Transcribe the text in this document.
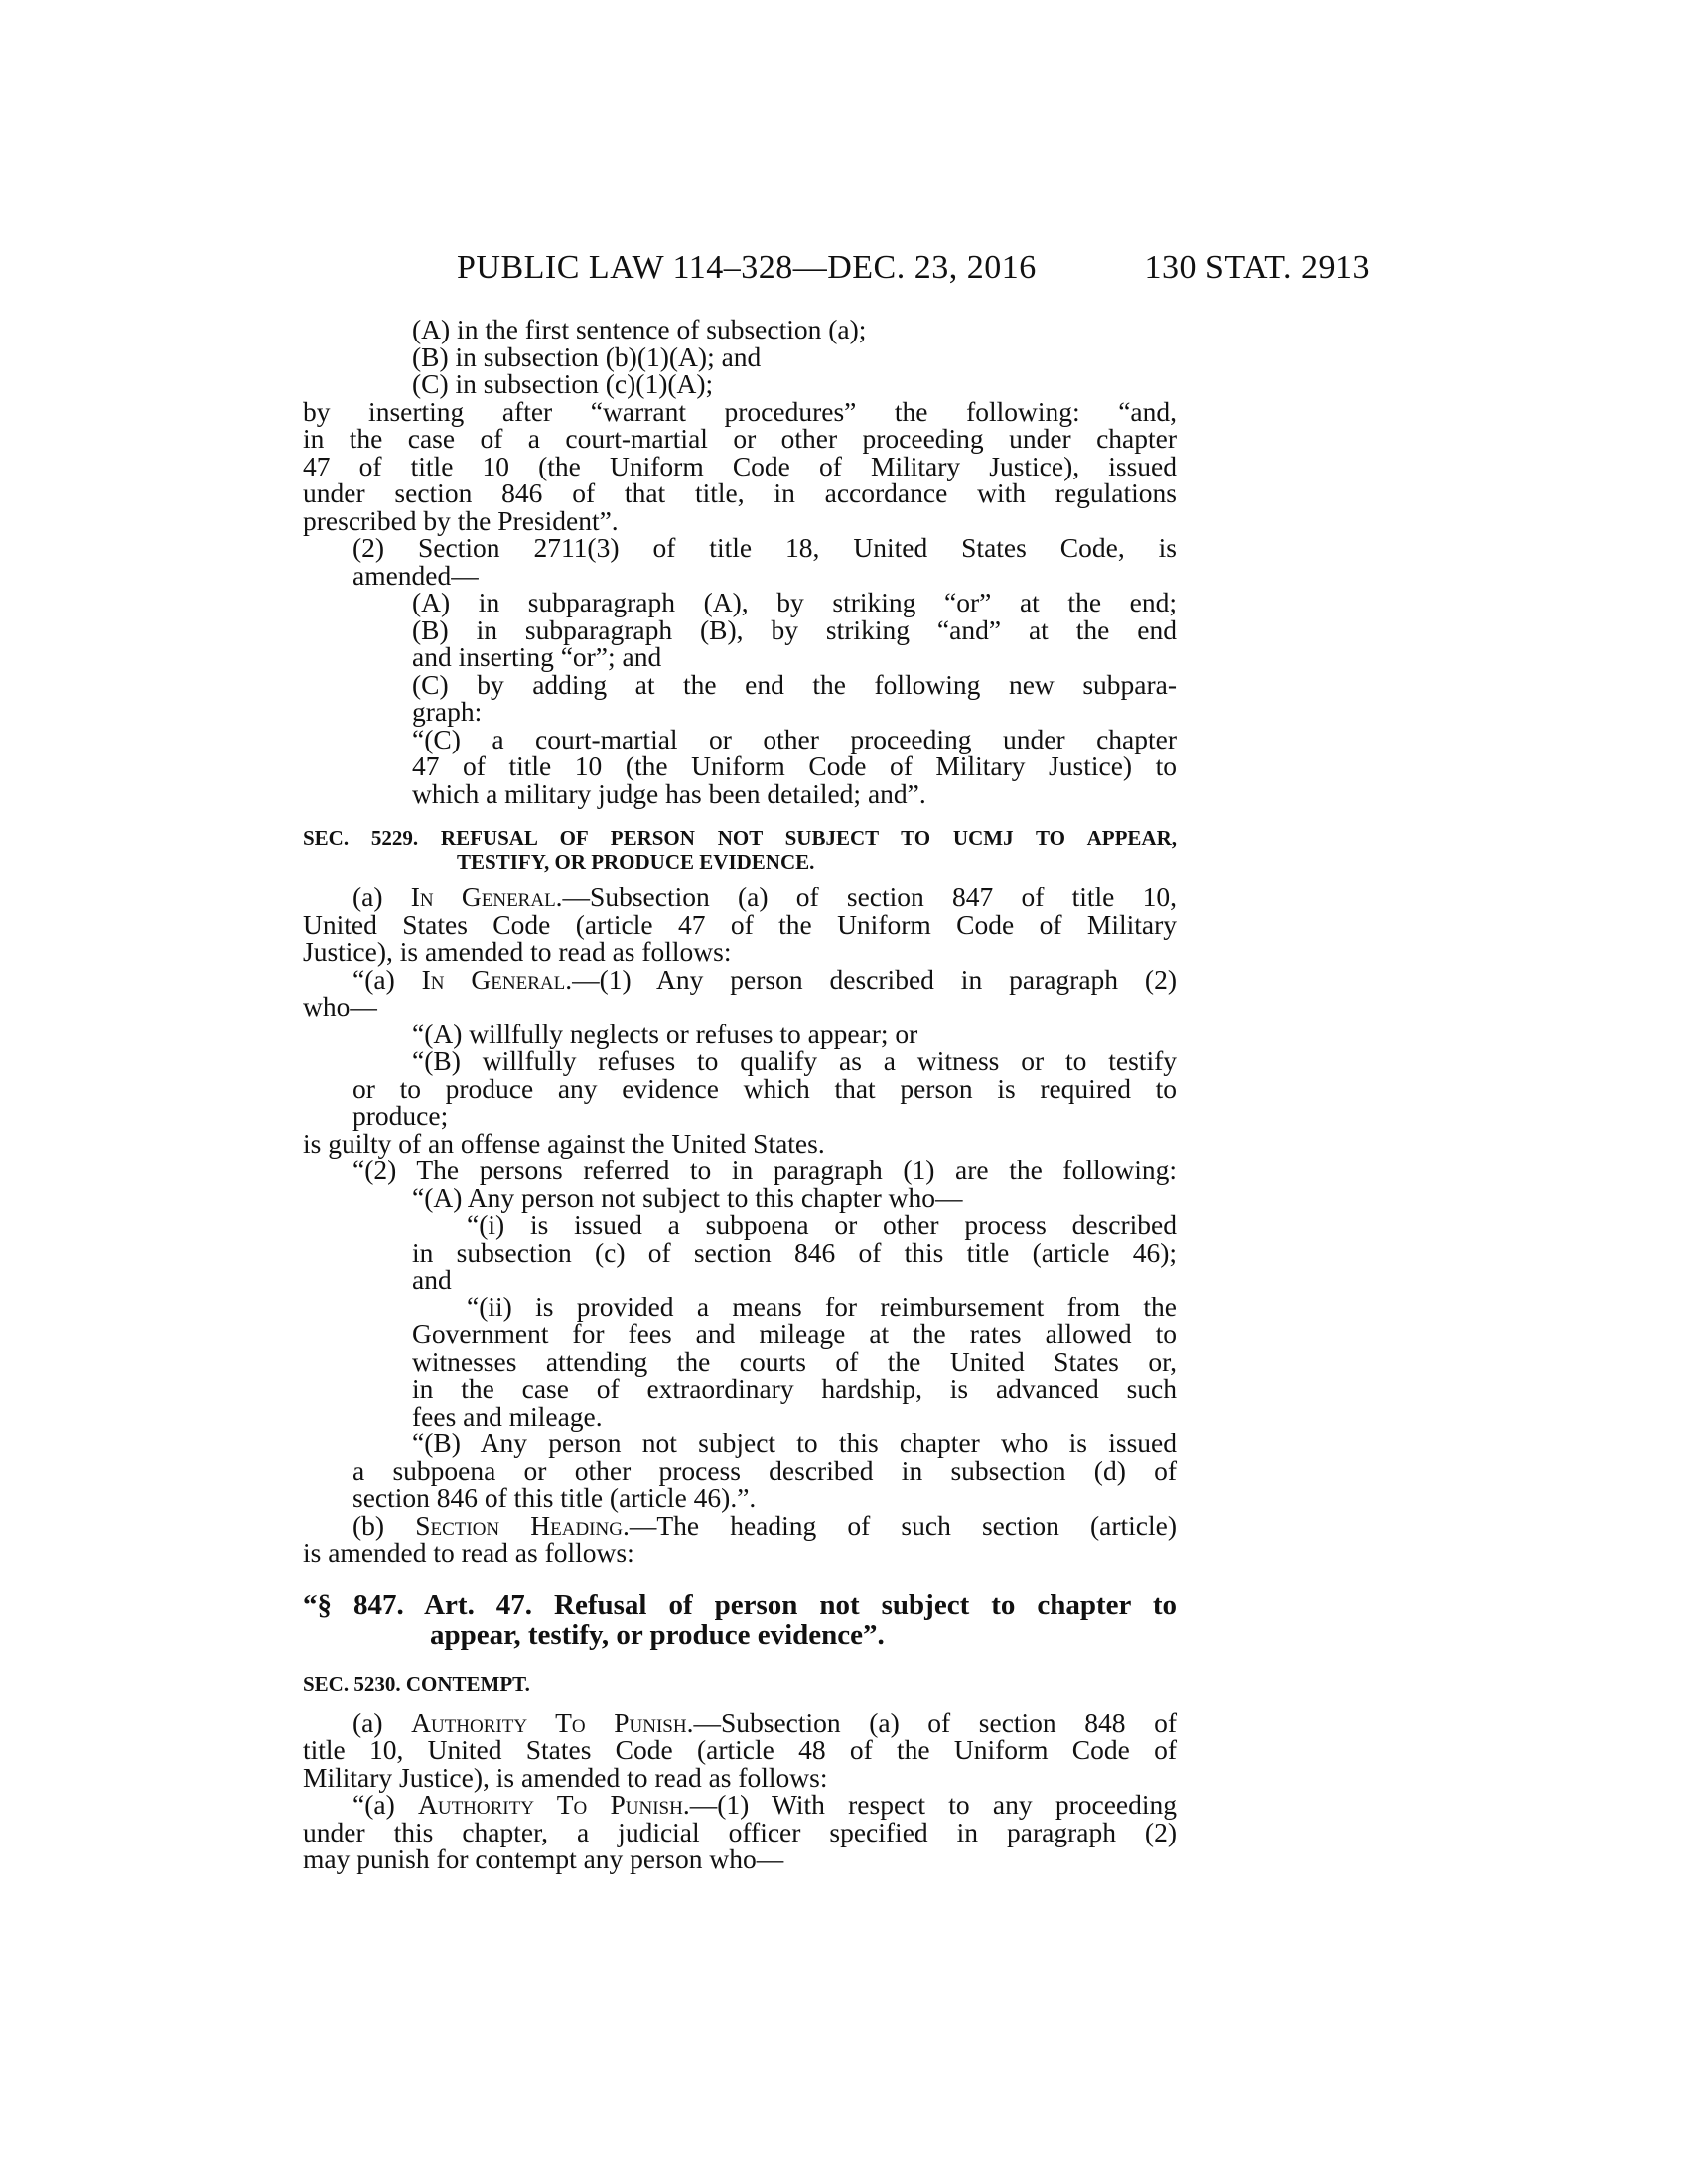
PUBLIC LAW 114–328—DEC. 23, 2016	130 STAT. 2913
(A) in the first sentence of subsection (a);
(B) in subsection (b)(1)(A); and
(C) in subsection (c)(1)(A);
by inserting after “warrant procedures” the following: “and,
in the case of a court-martial or other proceeding under chapter
47 of title 10 (the Uniform Code of Military Justice), issued
under section 846 of that title, in accordance with regulations
prescribed by the President”.
(2) Section 2711(3) of title 18, United States Code, is
amended—
(A) in subparagraph (A), by striking “or” at the end;
(B) in subparagraph (B), by striking “and” at the end
and inserting “or”; and
(C) by adding at the end the following new subpara-
graph:
“(C) a court-martial or other proceeding under chapter
47 of title 10 (the Uniform Code of Military Justice) to
which a military judge has been detailed; and”.
SEC. 5229. REFUSAL OF PERSON NOT SUBJECT TO UCMJ TO APPEAR,
TESTIFY, OR PRODUCE EVIDENCE.
(a) In General.—Subsection (a) of section 847 of title 10,
United States Code (article 47 of the Uniform Code of Military
Justice), is amended to read as follows:
“(a) In General.—(1) Any person described in paragraph (2)
who—
“(A) willfully neglects or refuses to appear; or
“(B) willfully refuses to qualify as a witness or to testify
or to produce any evidence which that person is required to
produce;
is guilty of an offense against the United States.
“(2) The persons referred to in paragraph (1) are the following:
“(A) Any person not subject to this chapter who—
“(i) is issued a subpoena or other process described
in subsection (c) of section 846 of this title (article 46);
and
“(ii) is provided a means for reimbursement from the
Government for fees and mileage at the rates allowed to
witnesses attending the courts of the United States or,
in the case of extraordinary hardship, is advanced such
fees and mileage.
“(B) Any person not subject to this chapter who is issued
a subpoena or other process described in subsection (d) of
section 846 of this title (article 46).”.
(b) Section Heading.—The heading of such section (article)
is amended to read as follows:
“§ 847. Art. 47. Refusal of person not subject to chapter to
appear, testify, or produce evidence”.
SEC. 5230. CONTEMPT.
(a) Authority To Punish.—Subsection (a) of section 848 of
title 10, United States Code (article 48 of the Uniform Code of
Military Justice), is amended to read as follows:
“(a) Authority To Punish.—(1) With respect to any proceeding
under this chapter, a judicial officer specified in paragraph (2)
may punish for contempt any person who—
